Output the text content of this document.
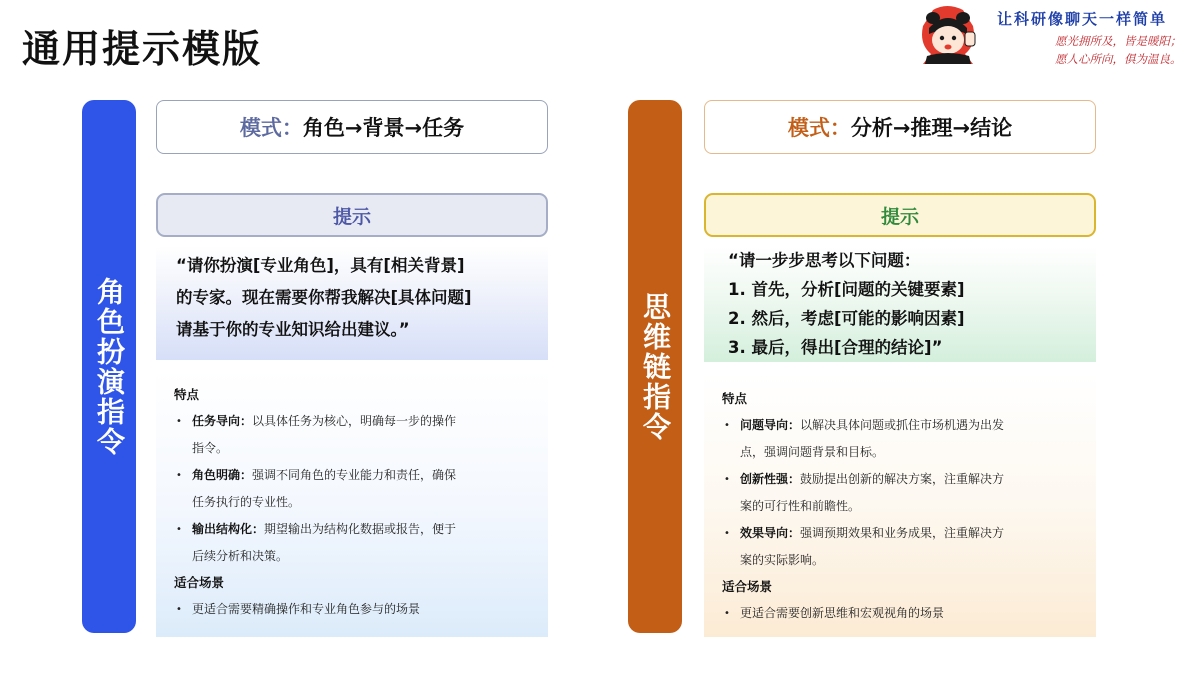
通用提示模版
让科研像聊天一样简单
愿光拥所及，皆是暖阳；
愿人心所向，俱为温良。
角色扮演指令
模式： 角色→背景→任务
提示
“请你扮演[专业角色]，具有[相关背景]
的专家。现在需要你帮我解决[具体问题]
请基于你的专业知识给出建议。”
特点
• 任务导向：以具体任务为核心，明确每一步的操作
指令。
• 角色明确：强调不同角色的专业能力和责任，确保
任务执行的专业性。
• 输出结构化：期望输出为结构化数据或报告，便于
后续分析和决策。
适合场景
• 更适合需要精确操作和专业角色参与的场景
思维链指令
模式： 分析→推理→结论
提示
“请一步步思考以下问题：
1. 首先，分析[问题的关键要素]
2. 然后，考虑[可能的影响因素]
3. 最后，得出[合理的结论]”
特点
• 问题导向：以解决具体问题或抓住市场机遇为出发
点，强调问题背景和目标。
• 创新性强：鼓励提出创新的解决方案，注重解决方
案的可行性和前瞻性。
• 效果导向：强调预期效果和业务成果，注重解决方
案的实际影响。
适合场景
• 更适合需要创新思维和宏观视角的场景
